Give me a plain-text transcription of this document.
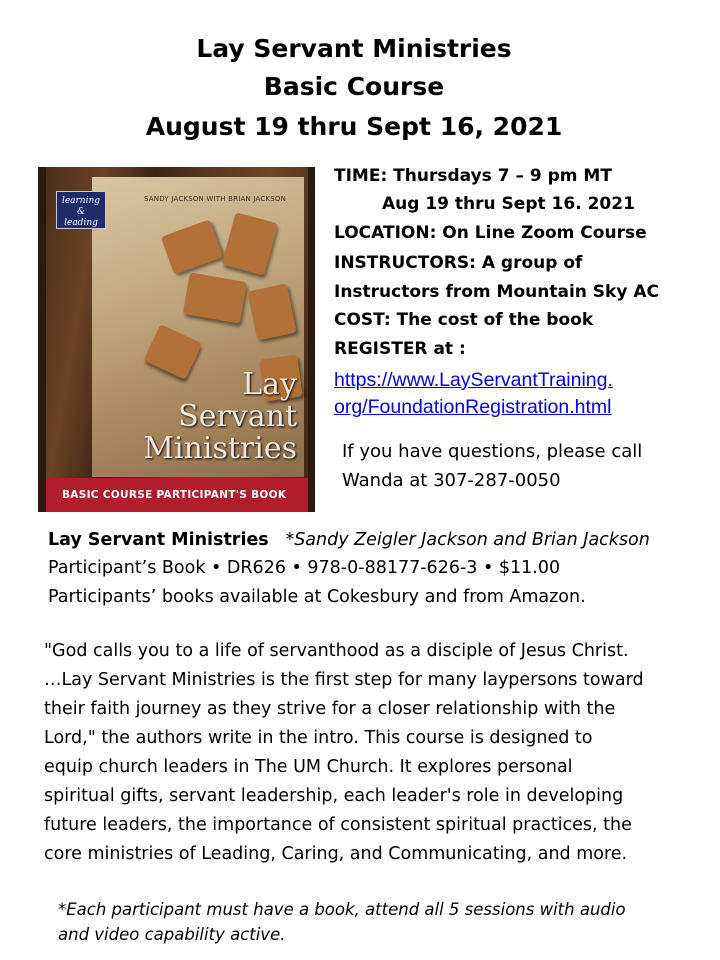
Lay Servant Ministries
Basic Course
August 19 thru Sept 16, 2021
learning
&
leading
SANDY JACKSON WITH BRIAN JACKSON
Lay
Servant
Ministries
BASIC COURSE PARTICIPANT'S BOOK
TIME: Thursdays 7 – 9 pm MT
Aug 19 thru Sept 16. 2021
LOCATION: On Line Zoom Course
INSTRUCTORS: A group of
Instructors from Mountain Sky AC
COST: The cost of the book
REGISTER at :
https://www.LayServantTraining.
org/FoundationRegistration.html
If you have questions, please call
Wanda at 307-287-0050
Lay Servant Ministries *Sandy Zeigler Jackson and Brian Jackson
Participant’s Book • DR626 • 978-0-88177-626-3 • $11.00
Participants’ books available at Cokesbury and from Amazon.
"God calls you to a life of servanthood as a disciple of Jesus Christ.
…Lay Servant Ministries is the first step for many laypersons toward
their faith journey as they strive for a closer relationship with the
Lord," the authors write in the intro. This course is designed to
equip church leaders in The UM Church. It explores personal
spiritual gifts, servant leadership, each leader's role in developing
future leaders, the importance of consistent spiritual practices, the
core ministries of Leading, Caring, and Communicating, and more.
*Each participant must have a book, attend all 5 sessions with audio
and video capability active.
